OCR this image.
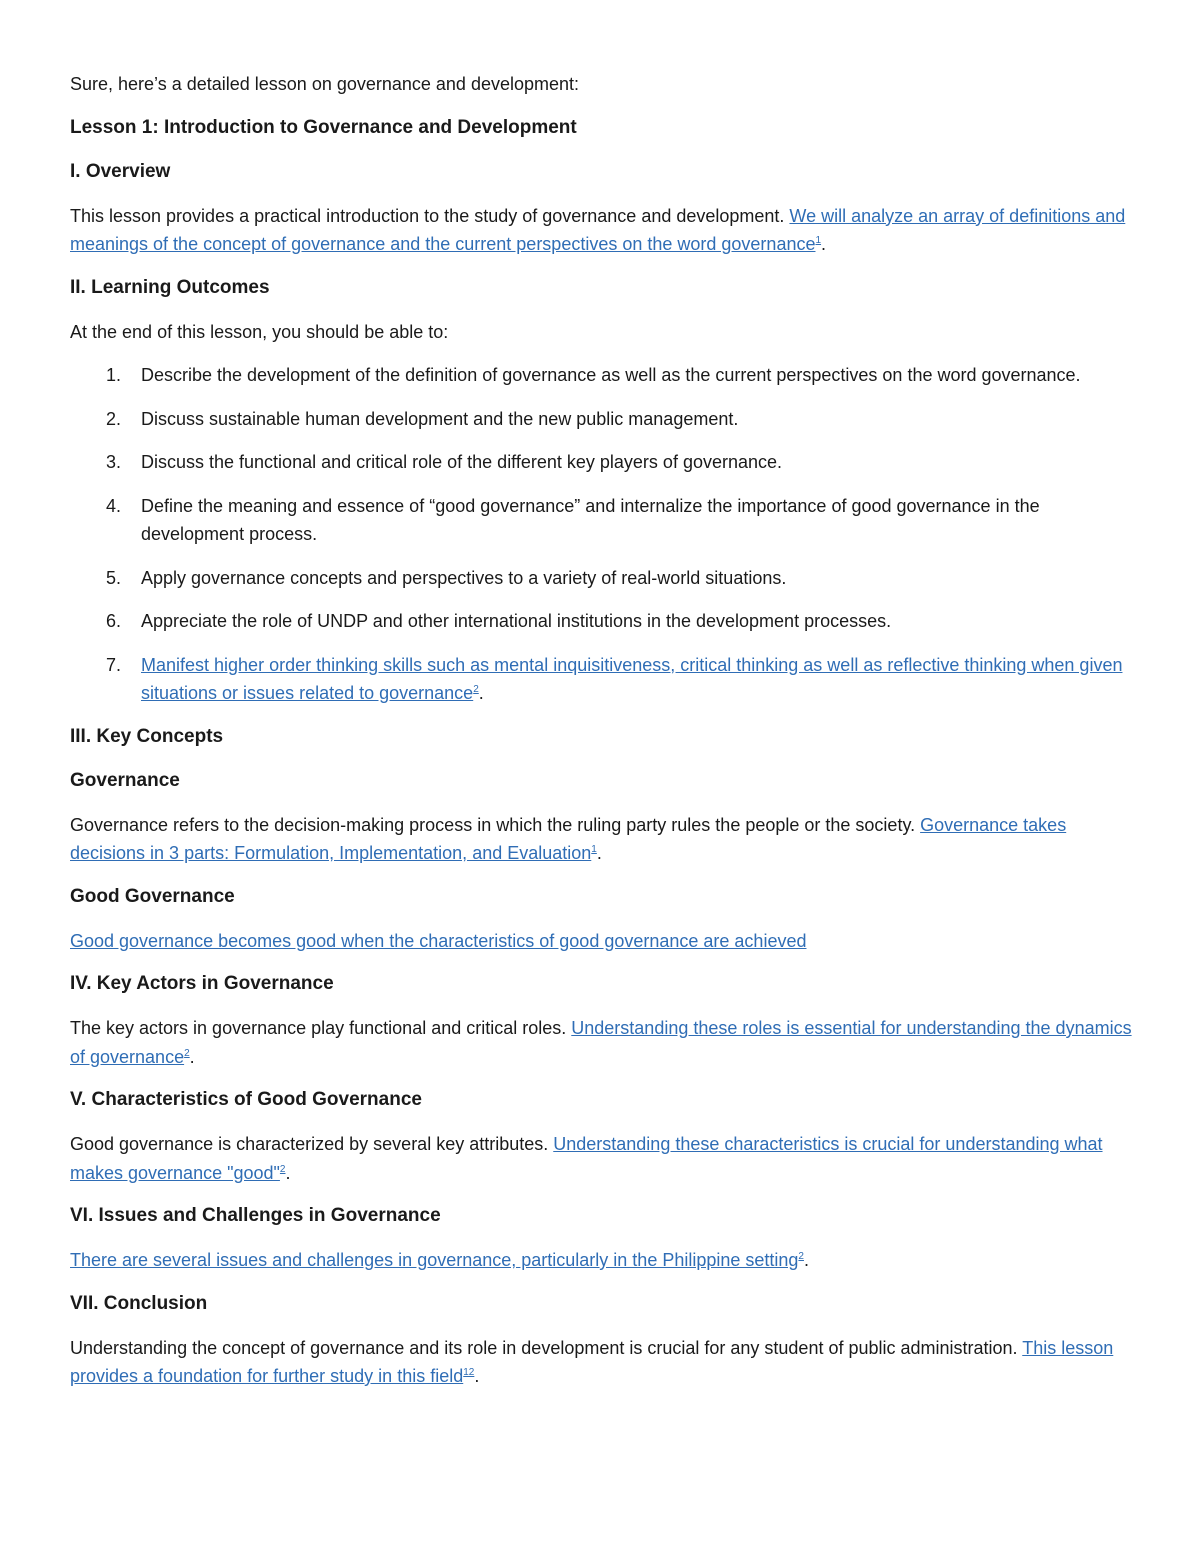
Sure, here’s a detailed lesson on governance and development:

Lesson 1: Introduction to Governance and Development
I. Overview

This lesson provides a practical introduction to the study of governance and development. We will analyze an array of definitions and meanings of the concept of governance and the current perspectives on the word governance$^1$.

II. Learning Outcomes

At the end of this lesson, you should be able to:

1. Describe the development of the definition of governance as well as the current perspectives on the word governance.
2. Discuss sustainable human development and the new public management.
3. Discuss the functional and critical role of the different key players of governance.
4. Define the meaning and essence of “good governance” and internalize the importance of good governance in the development process.
5. Apply governance concepts and perspectives to a variety of real-world situations.
6. Appreciate the role of UNDP and other international institutions in the development processes.
7. Manifest higher order thinking skills such as mental inquisitiveness, critical thinking as well as reflective thinking when given situations or issues related to governance$^2$.
III. Key Concepts
Governance

Governance refers to the decision-making process in which the ruling party rules the people or the society. Governance takes decisions in 3 parts: Formulation, Implementation, and Evaluation$^1$.

Good Governance

Good governance becomes good when the characteristics of good governance are achieved

IV. Key Actors in Governance

The key actors in governance play functional and critical roles. Understanding these roles is essential for understanding the dynamics of governance$^2$.

V. Characteristics of Good Governance

Good governance is characterized by several key attributes. Understanding these characteristics is crucial for understanding what makes governance "good"$^2$.

VI. Issues and Challenges in Governance

There are several issues and challenges in governance, particularly in the Philippine setting$^2$.

VII. Conclusion

Understanding the concept of governance and its role in development is crucial for any student of public administration. This lesson provides a foundation for further study in this field$^{12}$.
